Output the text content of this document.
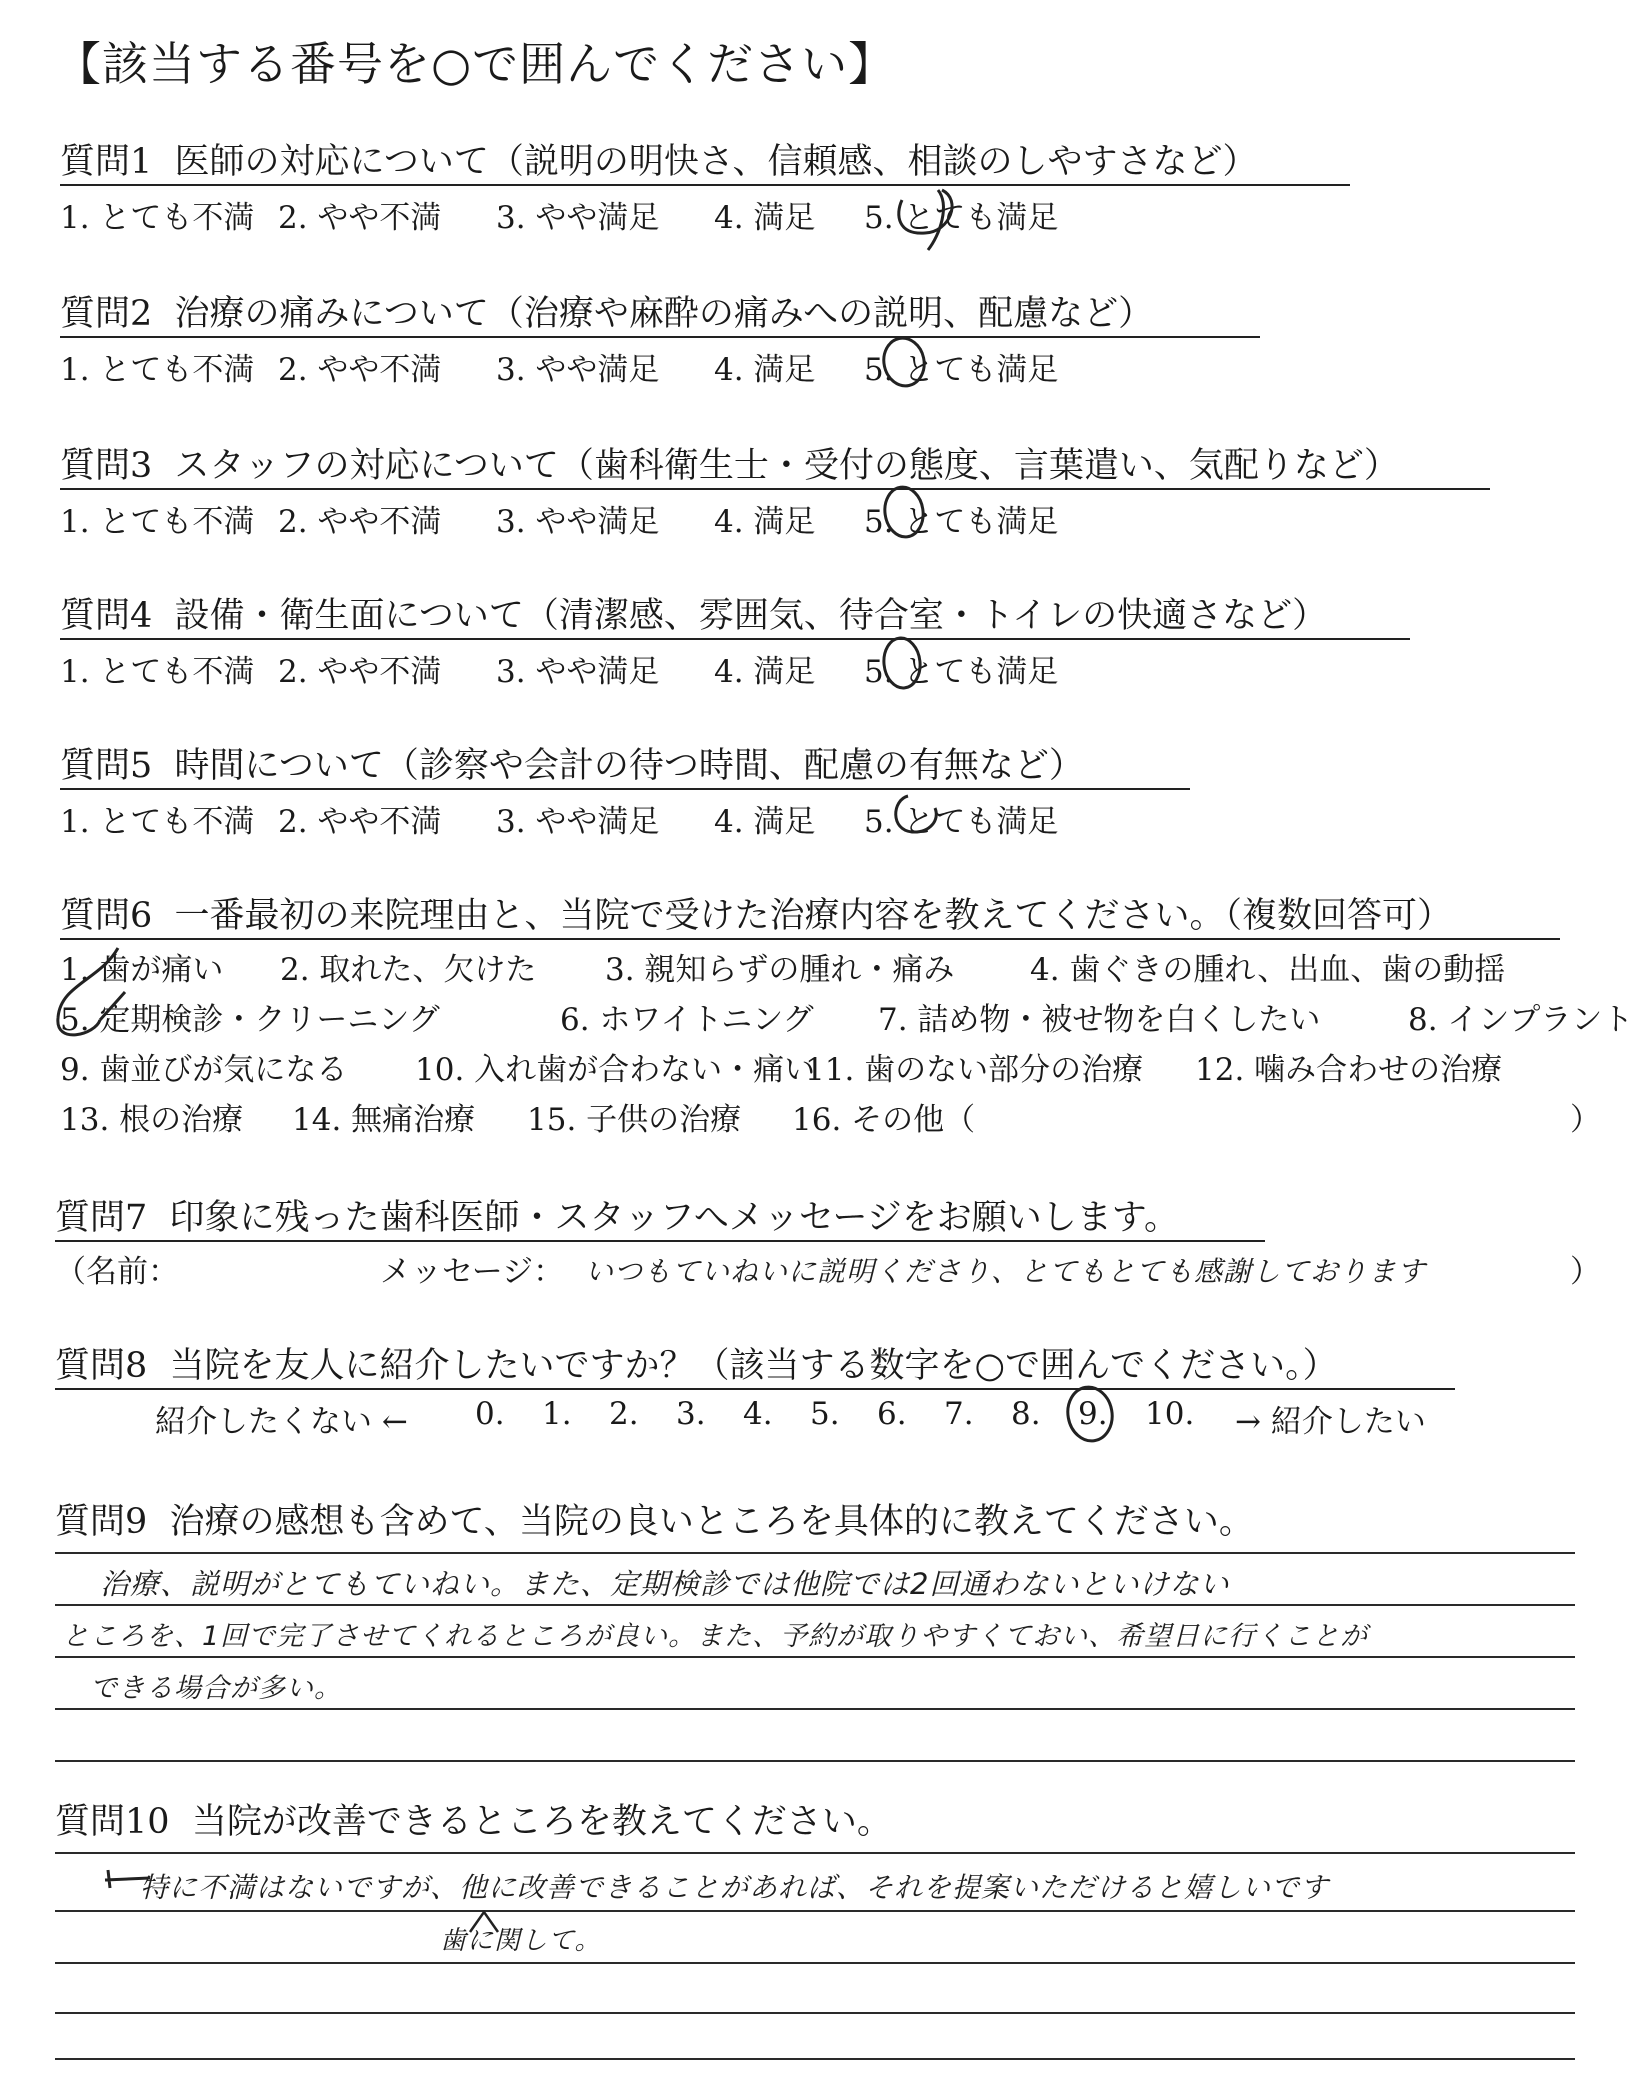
【該当する番号を○で囲んでください】
質問1 医師の対応について（説明の明快さ、信頼感、相談のしやすさなど）
1. とても不満 2. やや不満 3. やや満足 4. 満足 5. とても満足
質問2 治療の痛みについて（治療や麻酔の痛みへの説明、配慮など）
1. とても不満 2. やや不満 3. やや満足 4. 満足 5. とても満足
質問3 スタッフの対応について（歯科衛生士・受付の態度、言葉遣い、気配りなど）
1. とても不満 2. やや不満 3. やや満足 4. 満足 5. とても満足
質問4 設備・衛生面について（清潔感、雰囲気、待合室・トイレの快適さなど）
1. とても不満 2. やや不満 3. やや満足 4. 満足 5. とても満足
質問5 時間について（診察や会計の待つ時間、配慮の有無など）
1. とても不満 2. やや不満 3. やや満足 4. 満足 5. とても満足
質問6 一番最初の来院理由と、当院で受けた治療内容を教えてください。（複数回答可）
1. 歯が痛い 2. 取れた、欠けた 3. 親知らずの腫れ・痛み 4. 歯ぐきの腫れ、出血、歯の動揺
5. 定期検診・クリーニング	6. ホワイトニング 7. 詰め物・被せ物を白くしたい	8. インプラント
9. 歯並びが気になる 10. 入れ歯が合わない・痛い11. 歯のない部分の治療 12. 噛み合わせの治療
13. 根の治療 14. 無痛治療 15. 子供の治療 16. その他（	）
質問7 印象に残った歯科医師・スタッフへメッセージをお願いします。
（名前：	メッセージ： いつもていねいに説明くださり、とてもとても感謝しております	）
質問8 当院を友人に紹介したいですか？（該当する数字を○で囲んでください。）
紹介したくない ← 0. 1. 2. 3. 4. 5. 6. 7. 8. 9. 10.	→ 紹介したい
質問9 治療の感想も含めて、当院の良いところを具体的に教えてください。
治療、説明がとてもていねい。また、定期検診では他院では2回通わないといけない
ところを、1回で完了させてくれるところが良い。また、予約が取りやすくておい、希望日に行くことが
できる場合が多い。
質問10 当院が改善できるところを教えてください。
特に不満はないですが、他に改善できることがあれば、それを提案いただけると嬉しいです
歯に関して。
